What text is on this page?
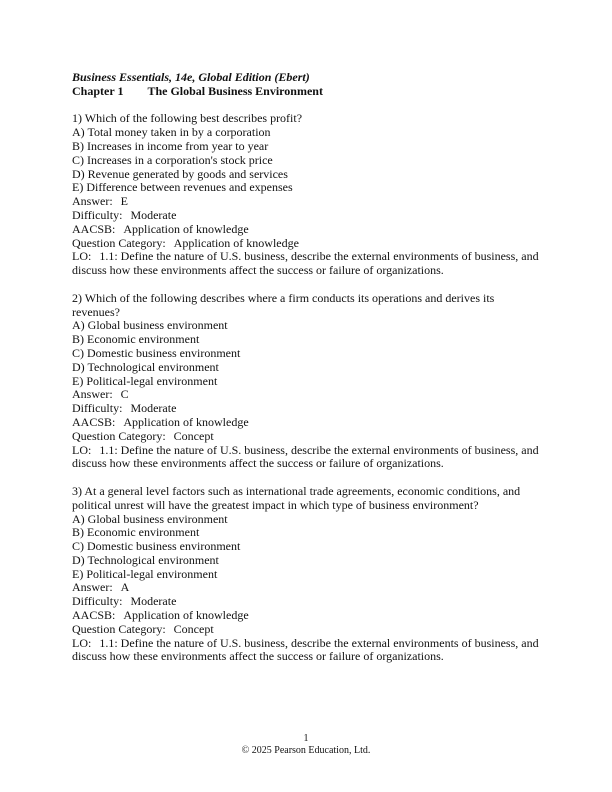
Business Essentials, 14e, Global Edition (Ebert)
Chapter 1 The Global Business Environment
1) Which of the following best describes profit?
A) Total money taken in by a corporation
B) Increases in income from year to year
C) Increases in a corporation's stock price
D) Revenue generated by goods and services
E) Difference between revenues and expenses
Answer: E
Difficulty: Moderate
AACSB: Application of knowledge
Question Category: Application of knowledge
LO: 1.1: Define the nature of U.S. business, describe the external environments of business, and discuss how these environments affect the success or failure of organizations.
2) Which of the following describes where a firm conducts its operations and derives its revenues?
A) Global business environment
B) Economic environment
C) Domestic business environment
D) Technological environment
E) Political-legal environment
Answer: C
Difficulty: Moderate
AACSB: Application of knowledge
Question Category: Concept
LO: 1.1: Define the nature of U.S. business, describe the external environments of business, and discuss how these environments affect the success or failure of organizations.
3) At a general level factors such as international trade agreements, economic conditions, and political unrest will have the greatest impact in which type of business environment?
A) Global business environment
B) Economic environment
C) Domestic business environment
D) Technological environment
E) Political-legal environment
Answer: A
Difficulty: Moderate
AACSB: Application of knowledge
Question Category: Concept
LO: 1.1: Define the nature of U.S. business, describe the external environments of business, and discuss how these environments affect the success or failure of organizations.
1
© 2025 Pearson Education, Ltd.
